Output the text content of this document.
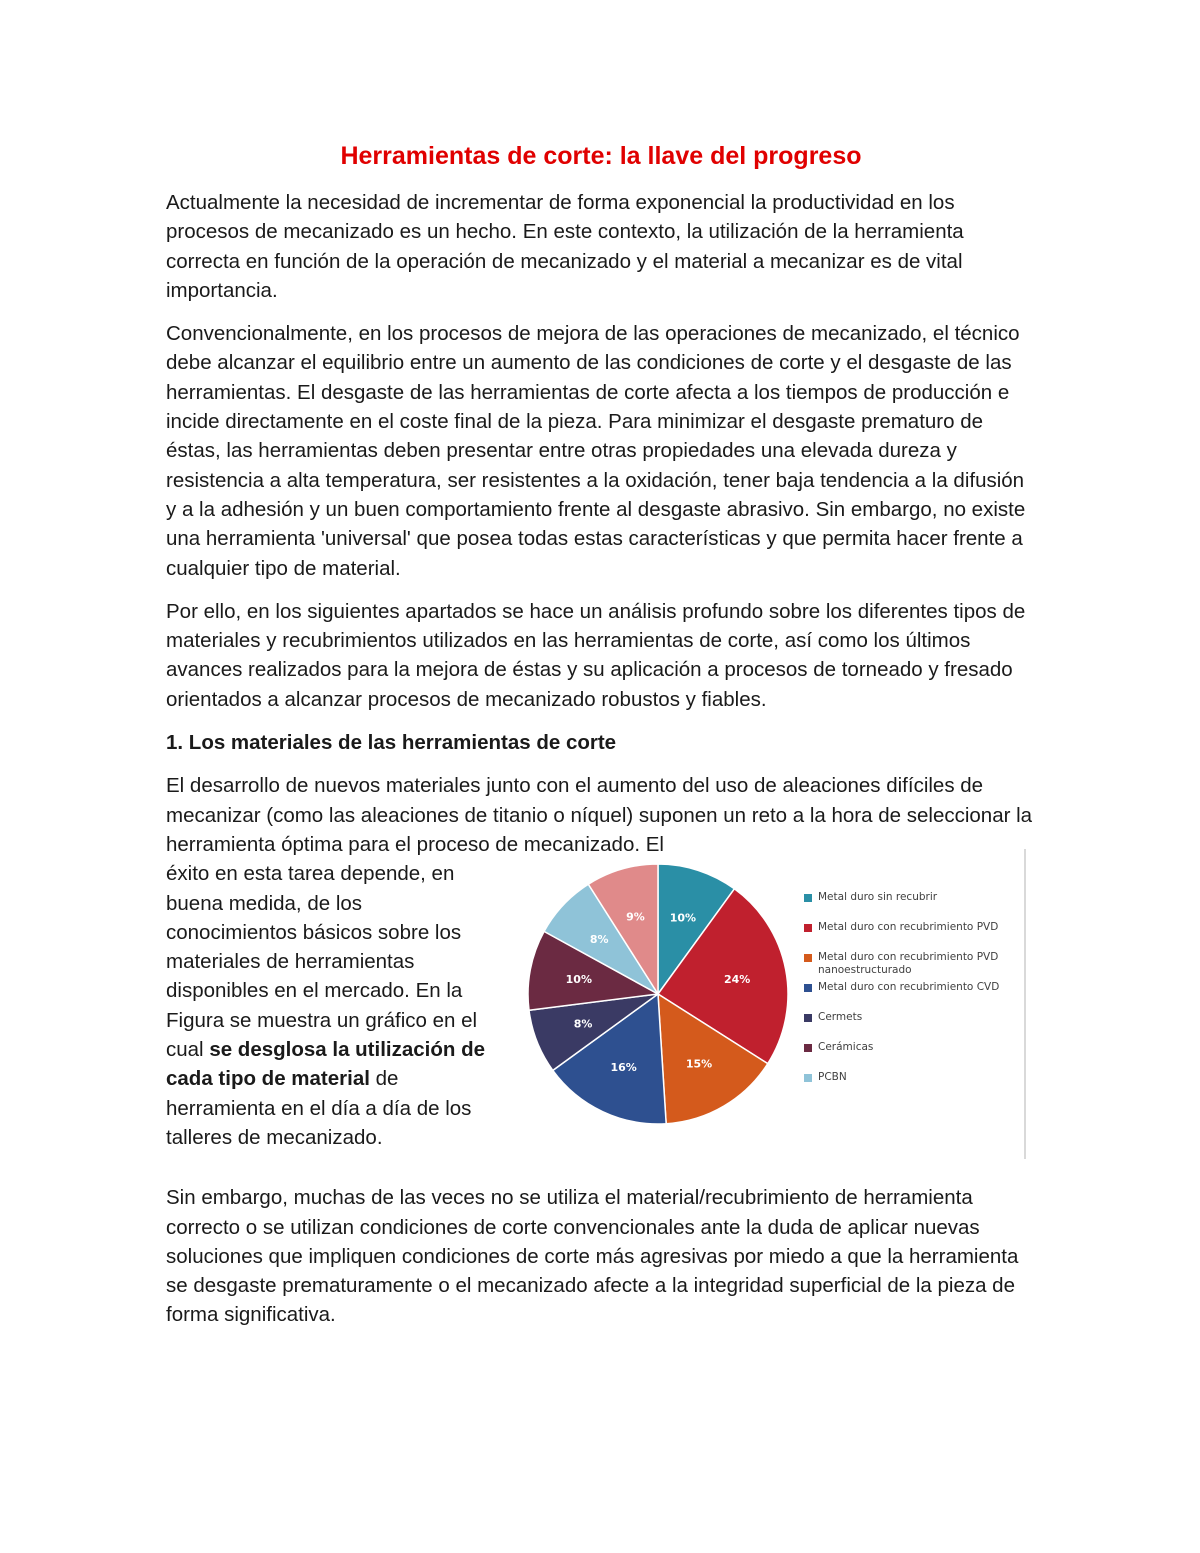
Herramientas de corte: la llave del progreso
Actualmente la necesidad de incrementar de forma exponencial la productividad en los procesos de mecanizado es un hecho. En este contexto, la utilización de la herramienta correcta en función de la operación de mecanizado y el material a mecanizar es de vital importancia.
Convencionalmente, en los procesos de mejora de las operaciones de mecanizado, el técnico debe alcanzar el equilibrio entre un aumento de las condiciones de corte y el desgaste de las herramientas. El desgaste de las herramientas de corte afecta a los tiempos de producción e incide directamente en el coste final de la pieza. Para minimizar el desgaste prematuro de éstas, las herramientas deben presentar entre otras propiedades una elevada dureza y resistencia a alta temperatura, ser resistentes a la oxidación, tener baja tendencia a la difusión y a la adhesión y un buen comportamiento frente al desgaste abrasivo. Sin embargo, no existe una herramienta 'universal' que posea todas estas características y que permita hacer frente a cualquier tipo de material.
Por ello, en los siguientes apartados se hace un análisis profundo sobre los diferentes tipos de materiales y recubrimientos utilizados en las herramientas de corte, así como los últimos avances realizados para la mejora de éstas y su aplicación a procesos de torneado y fresado orientados a alcanzar procesos de mecanizado robustos y fiables.
1. Los materiales de las herramientas de corte
El desarrollo de nuevos materiales junto con el aumento del uso de aleaciones difíciles de mecanizar (como las aleaciones de titanio o níquel) suponen un reto a la hora de seleccionar la herramienta óptima para el proceso de mecanizado. El
éxito en esta tarea depende, en buena medida, de los conocimientos básicos sobre los materiales de herramientas disponibles en el mercado. En la Figura se muestra un gráfico en el cual se desglosa la utilización de cada tipo de material de herramienta en el día a día de los talleres de mecanizado.
10%
24%
15%
16%
8%
10%
8%
9%
Metal duro sin recubrir
Metal duro con recubrimiento PVD
Metal duro con recubrimiento PVD nanoestructurado
Metal duro con recubrimiento CVD
Cermets
Cerámicas
PCBN
Sin embargo, muchas de las veces no se utiliza el material/recubrimiento de herramienta correcto o se utilizan condiciones de corte convencionales ante la duda de aplicar nuevas soluciones que impliquen condiciones de corte más agresivas por miedo a que la herramienta se desgaste prematuramente o el mecanizado afecte a la integridad superficial de la pieza de forma significativa.
